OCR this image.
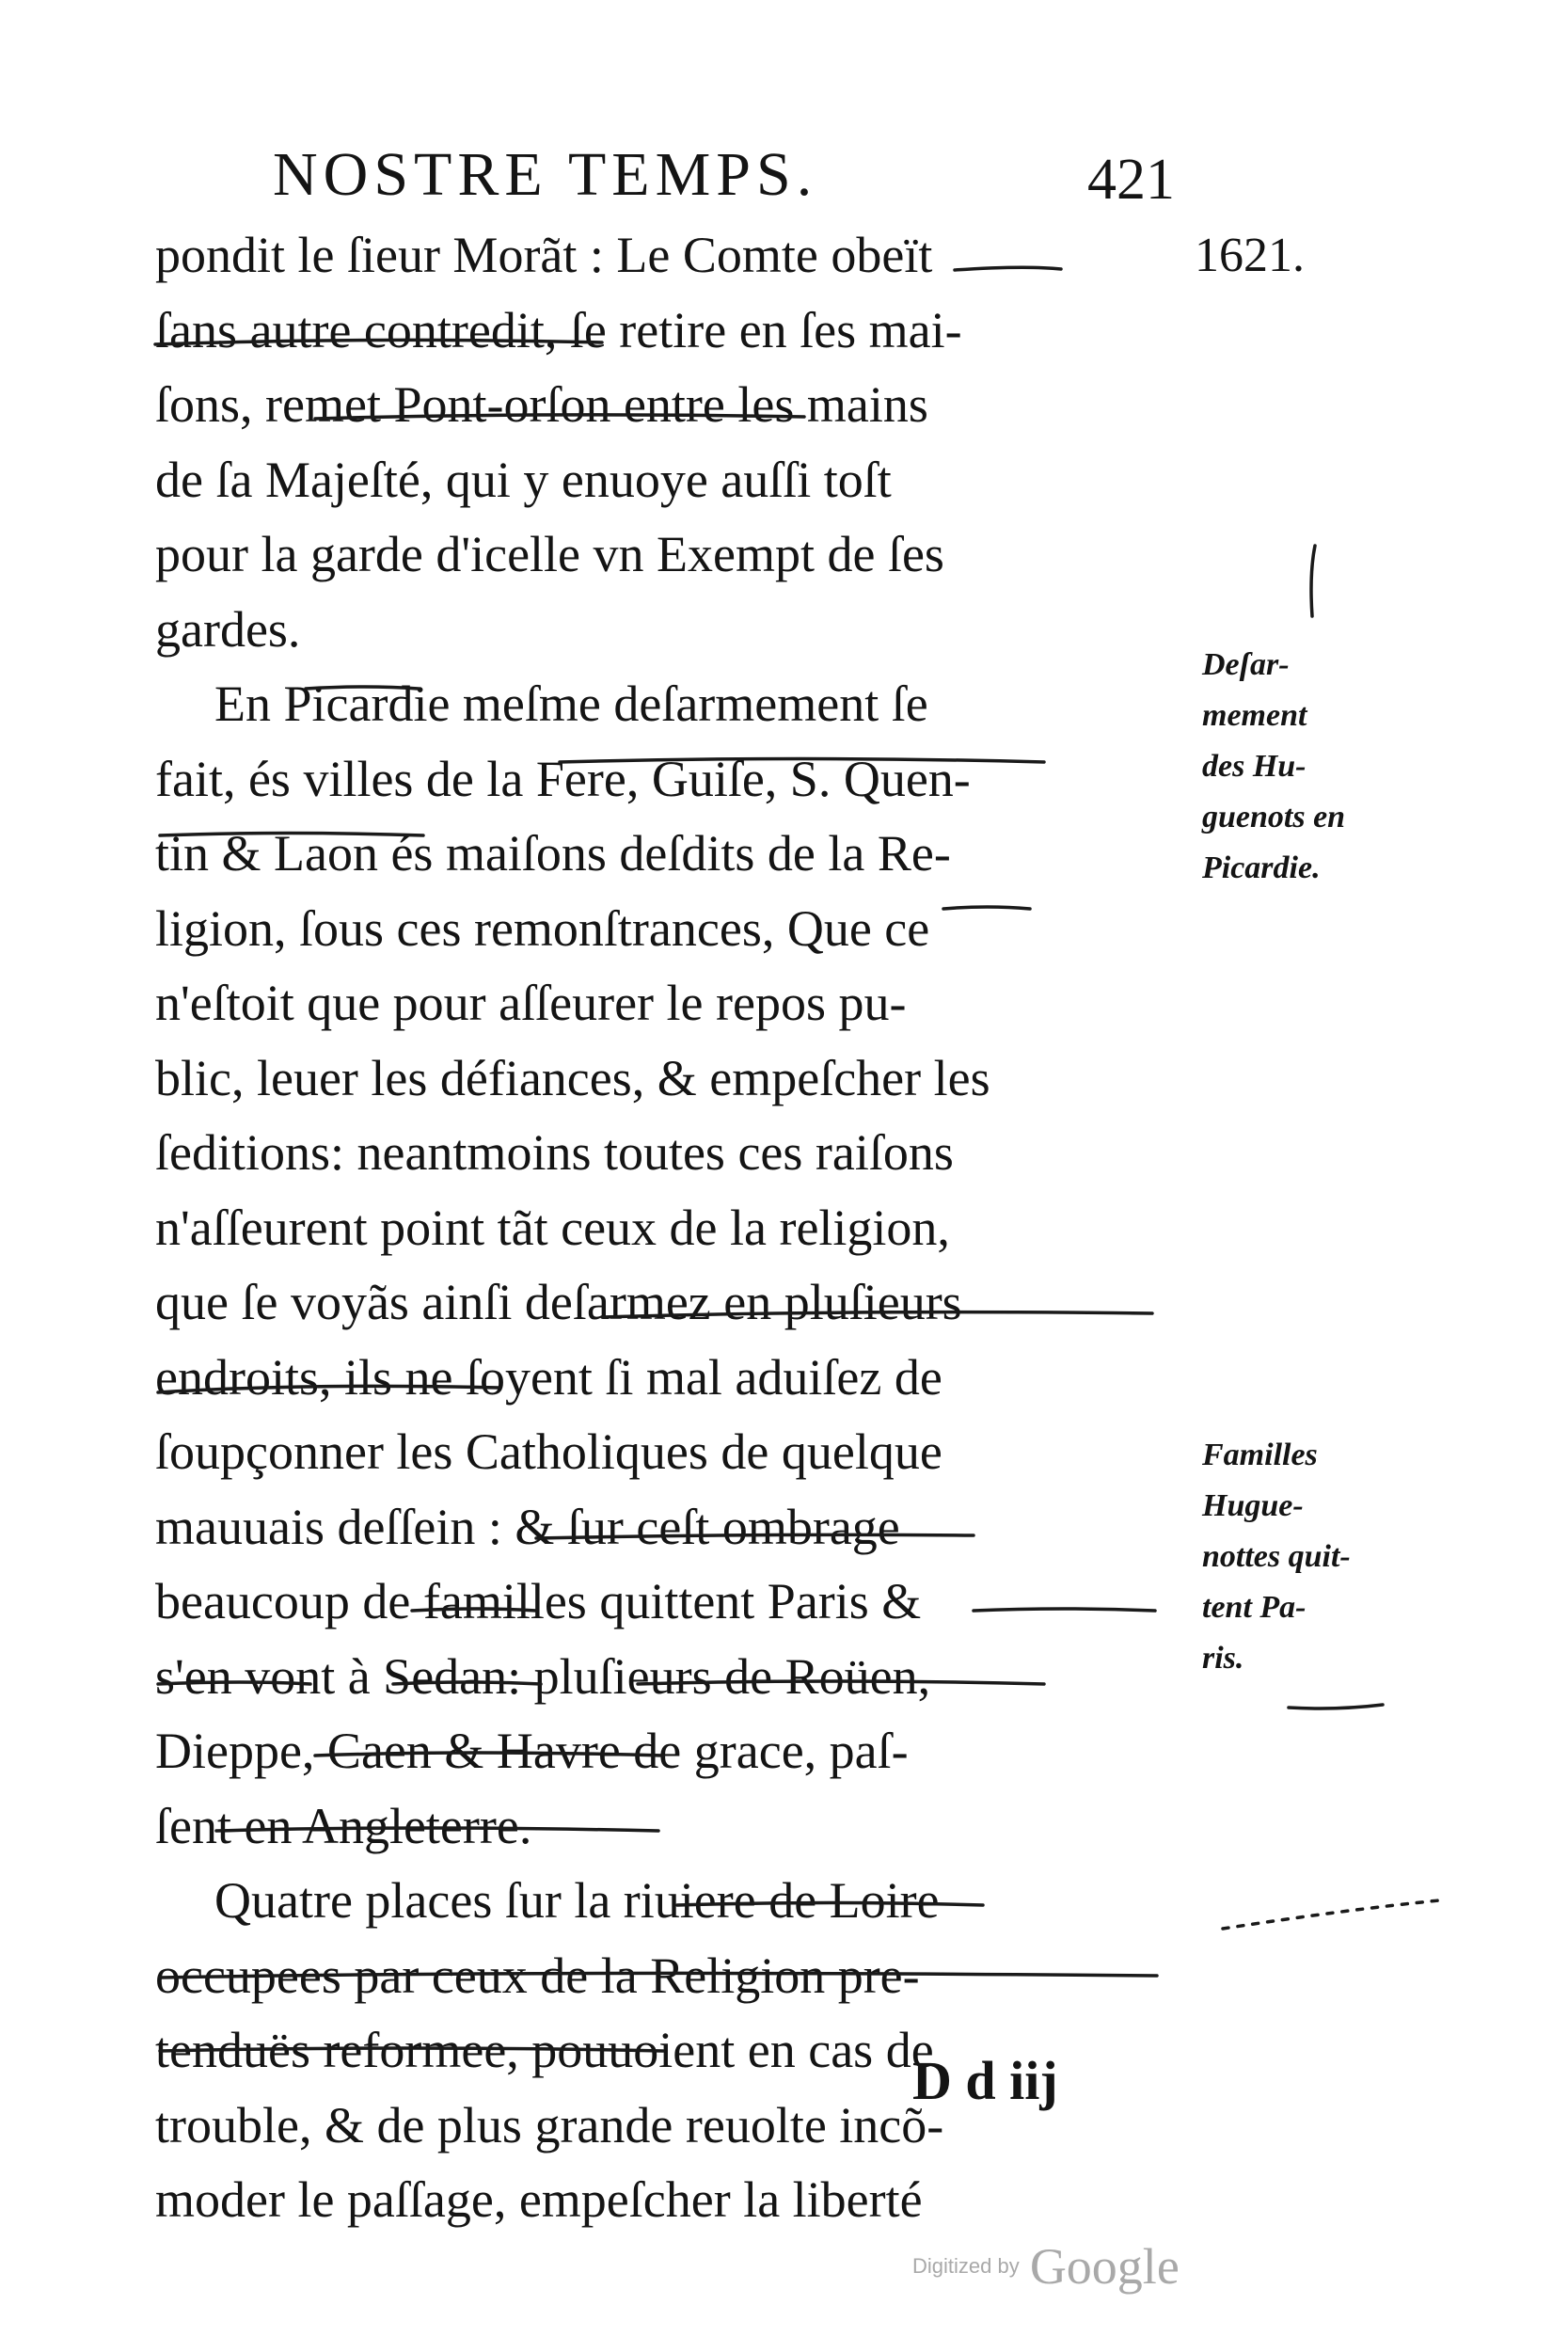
NOSTRE TEMPS.	421
1621.
pondit le ſieur Morãt : Le Comte obeït
ſans autre contredit, ſe retire en ſes mai-
ſons, remet Pont-orſon entre les mains
de ſa Majeſté, qui y enuoye auſſi toſt
pour la garde d'icelle vn Exempt de ſes
gardes.
En Picardie meſme deſarmement ſe
fait, és villes de la Fere, Guiſe, S. Quen-
tin & Laon és maiſons deſdits de la Re-
ligion, ſous ces remonſtrances, Que ce
n'eſtoit que pour aſſeurer le repos pu-
blic, leuer les défiances, & empeſcher les
ſeditions: neantmoins toutes ces raiſons
n'aſſeurent point tãt ceux de la religion,
que ſe voyãs ainſi deſarmez en pluſieurs
endroits, ils ne ſoyent ſi mal aduiſez de
ſoupçonner les Catholiques de quelque
mauuais deſſein : & ſur ceſt ombrage
beaucoup de familles quittent Paris &
s'en vont à Sedan: pluſieurs de Roüen,
Dieppe, Caen & Havre de grace, paſ-
ſent en Angleterre.
Quatre places ſur la riuiere de Loire
occupees par ceux de la Religion pre-
tenduës reformee, pouuoient en cas de
trouble, & de plus grande reuolte incõ-
moder le paſſage, empeſcher la liberté
Deſar-
mement
des Hu-
guenots en
Picardie.
Familles
Hugue-
nottes quit-
tent Pa-
ris.
D d iij
Digitized by Google
